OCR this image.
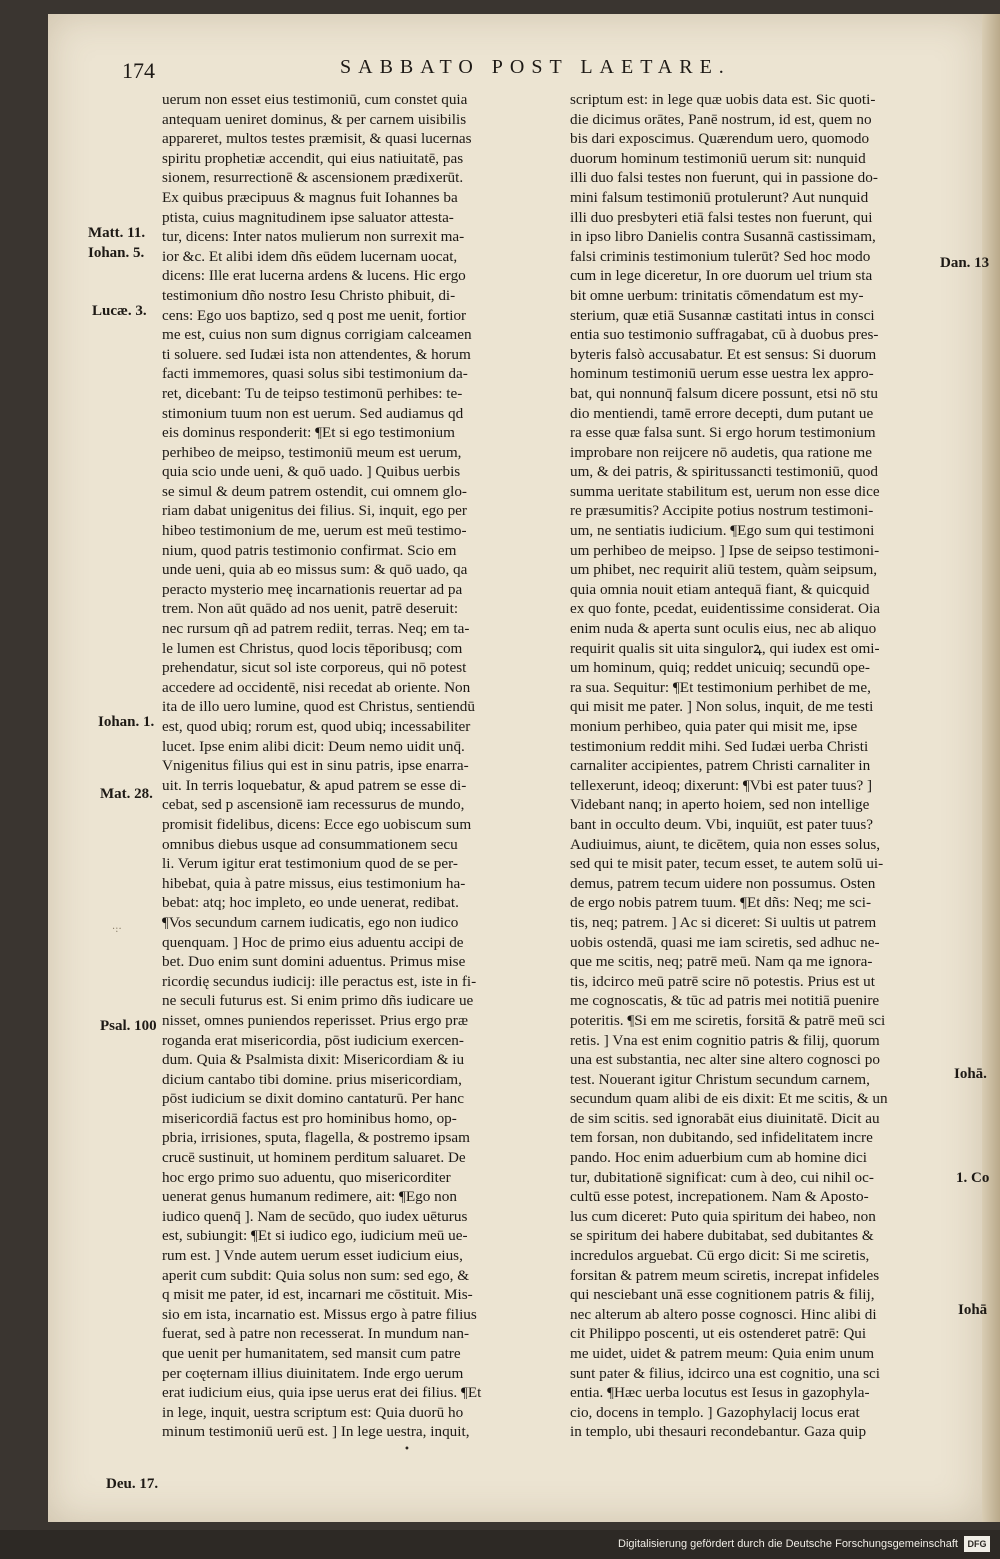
174	SABBATO POST LAETARE.
uerum non esset eius testimoniū, cum constet quia
antequam ueniret dominus, & per carnem uisibilis
appareret, multos testes præmisit, & quasi lucernas
spiritu prophetiæ accendit, qui eius natiuitatē, pas
sionem, resurrectionē & ascensionem prædixerūt.
Ex quibus præcipuus & magnus fuit Iohannes ba
ptista, cuius magnitudinem ipse saluator attesta-
tur, dicens: Inter natos mulierum non surrexit ma-
ior &c. Et alibi idem dñs eūdem lucernam uocat,
dicens: Ille erat lucerna ardens & lucens. Hic ergo
testimonium dño nostro Iesu Christo phibuit, di-
cens: Ego uos baptizo, sed q post me uenit, fortior
me est, cuius non sum dignus corrigiam calceamen
ti soluere. sed Iudæi ista non attendentes, & horum
facti immemores, quasi solus sibi testimonium da-
ret, dicebant: Tu de teipso testimonū perhibes: te-
stimonium tuum non est uerum. Sed audiamus qd
eis dominus responderit: ¶Et si ego testimonium
perhibeo de meipso, testimoniū meum est uerum,
quia scio unde ueni, & quō uado. ] Quibus uerbis
se simul & deum patrem ostendit, cui omnem glo-
riam dabat unigenitus dei filius. Si, inquit, ego per
hibeo testimonium de me, uerum est meū testimo-
nium, quod patris testimonio confirmat. Scio em
unde ueni, quia ab eo missus sum: & quō uado, qa
peracto mysterio meę incarnationis reuertar ad pa
trem. Non aūt quādo ad nos uenit, patrē deseruit:
nec rursum qñ ad patrem rediit, terras. Neq; em ta-
le lumen est Christus, quod locis tēporibusq; com
prehendatur, sicut sol iste corporeus, qui nō potest
accedere ad occidentē, nisi recedat ab oriente. Non
ita de illo uero lumine, quod est Christus, sentiendū
est, quod ubiq; rorum est, quod ubiq; incessabiliter
lucet. Ipse enim alibi dicit: Deum nemo uidit unq̄.
Vnigenitus filius qui est in sinu patris, ipse enarra-
uit. In terris loquebatur, & apud patrem se esse di-
cebat, sed p ascensionē iam recessurus de mundo,
promisit fidelibus, dicens: Ecce ego uobiscum sum
omnibus diebus usque ad consummationem secu
li. Verum igitur erat testimonium quod de se per-
hibebat, quia à patre missus, eius testimonium ha-
bebat: atq; hoc impleto, eo unde uenerat, redibat.
¶Vos secundum carnem iudicatis, ego non iudico
quenquam. ] Hoc de primo eius aduentu accipi de
bet. Duo enim sunt domini aduentus. Primus mise
ricordię secundus iudicij: ille peractus est, iste in fi-
ne seculi futurus est. Si enim primo dñs iudicare ue
nisset, omnes puniendos reperisset. Prius ergo præ
roganda erat misericordia, pōst iudicium exercen-
dum. Quia & Psalmista dixit: Misericordiam & iu
dicium cantabo tibi domine. prius misericordiam,
pōst iudicium se dixit domino cantaturū. Per hanc
misericordiā factus est pro hominibus homo, op-
pbria, irrisiones, sputa, flagella, & postremo ipsam
crucē sustinuit, ut hominem perditum saluaret. De
hoc ergo primo suo aduentu, quo misericorditer
uenerat genus humanum redimere, ait: ¶Ego non
iudico quenq̄ ]. Nam de secūdo, quo iudex uēturus
est, subiungit: ¶Et si iudico ego, iudicium meū ue-
rum est. ] Vnde autem uerum esset iudicium eius,
aperit cum subdit: Quia solus non sum: sed ego, &
q misit me pater, id est, incarnari me cōstituit. Mis-
sio em ista, incarnatio est. Missus ergo à patre filius
fuerat, sed à patre non recesserat. In mundum nan-
que uenit per humanitatem, sed mansit cum patre
per coęternam illius diuinitatem. Inde ergo uerum
erat iudicium eius, quia ipse uerus erat dei filius. ¶Et
in lege, inquit, uestra scriptum est: Quia duorū ho
minum testimoniū uerū est. ] In lege uestra, inquit,
scriptum est: in lege quæ uobis data est. Sic quoti-
die dicimus orātes, Panē nostrum, id est, quem no
bis dari exposcimus. Quærendum uero, quomodo
duorum hominum testimoniū uerum sit: nunquid
illi duo falsi testes non fuerunt, qui in passione do-
mini falsum testimoniū protulerunt? Aut nunquid
illi duo presbyteri etiā falsi testes non fuerunt, qui
in ipso libro Danielis contra Susannā castissimam,
falsi criminis testimonium tulerūt? Sed hoc modo
cum in lege diceretur, In ore duorum uel trium sta
bit omne uerbum: trinitatis cōmendatum est my-
sterium, quæ etiā Susannæ castitati intus in consci
entia suo testimonio suffragabat, cū à duobus pres-
byteris falsò accusabatur. Et est sensus: Si duorum
hominum testimoniū uerum esse uestra lex appro-
bat, qui nonnunq̄ falsum dicere possunt, etsi nō stu
dio mentiendi, tamē errore decepti, dum putant ue
ra esse quæ falsa sunt. Si ergo horum testimonium
improbare non reijcere nō audetis, qua ratione me
um, & dei patris, & spiritussancti testimoniū, quod
summa ueritate stabilitum est, uerum non esse dice
re præsumitis? Accipite potius nostrum testimoni-
um, ne sentiatis iudicium. ¶Ego sum qui testimoni
um perhibeo de meipso. ] Ipse de seipso testimoni-
um phibet, nec requirit aliū testem, quàm seipsum,
quia omnia nouit etiam antequā fiant, & quicquid
ex quo fonte, pcedat, euidentissime considerat. Oia
enim nuda & aperta sunt oculis eius, nec ab aliquo
requirit qualis sit uita singulorꝝ, qui iudex est omi-
um hominum, quiq; reddet unicuiq; secundū ope-
ra sua. Sequitur: ¶Et testimonium perhibet de me,
qui misit me pater. ] Non solus, inquit, de me testi
monium perhibeo, quia pater qui misit me, ipse
testimonium reddit mihi. Sed Iudæi uerba Christi
carnaliter accipientes, patrem Christi carnaliter in
tellexerunt, ideoq; dixerunt: ¶Vbi est pater tuus? ]
Videbant nanq; in aperto hoiem, sed non intellige
bant in occulto deum. Vbi, inquiūt, est pater tuus?
Audiuimus, aiunt, te dicētem, quia non esses solus,
sed qui te misit pater, tecum esset, te autem solū ui-
demus, patrem tecum uidere non possumus. Osten
de ergo nobis patrem tuum. ¶Et dñs: Neq; me sci-
tis, neq; patrem. ] Ac si diceret: Si uultis ut patrem
uobis ostendā, quasi me iam sciretis, sed adhuc ne-
que me scitis, neq; patrē meū. Nam qa me ignora-
tis, idcirco meū patrē scire nō potestis. Prius est ut
me cognoscatis, & tūc ad patris mei notitiā puenire
poteritis. ¶Si em me sciretis, forsitā & patrē meū sci
retis. ] Vna est enim cognitio patris & filij, quorum
una est substantia, nec alter sine altero cognosci po
test. Nouerant igitur Christum secundum carnem,
secundum quam alibi de eis dixit: Et me scitis, & un
de sim scitis. sed ignorabāt eius diuinitatē. Dicit au
tem forsan, non dubitando, sed infidelitatem incre
pando. Hoc enim aduerbium cum ab homine dici
tur, dubitationē significat: cum à deo, cui nihil oc-
cultū esse potest, increpationem. Nam & Aposto-
lus cum diceret: Puto quia spiritum dei habeo, non
se spiritum dei habere dubitabat, sed dubitantes &
incredulos arguebat. Cū ergo dicit: Si me sciretis,
forsitan & patrem meum sciretis, increpat infideles
qui nesciebant unā esse cognitionem patris & filij,
nec alterum ab altero posse cognosci. Hinc alibi di
cit Philippo poscenti, ut eis ostenderet patrē: Qui
me uidet, uidet & patrem meum: Quia enim unum
sunt pater & filius, idcirco una est cognitio, una sci
entia. ¶Hæc uerba locutus est Iesus in gazophyla-
cio, docens in templo. ] Gazophylacij locus erat
in templo, ubi thesauri recondebantur. Gaza quip
Matt. 11.
Iohan. 5.
Lucæ. 3.
Iohan. 1.
Mat. 28.
Psal. 100
Deu. 17.
Dan. 13
Iohā.
1. Co
Iohā
·:·
•
Digitalisierung gefördert durch die Deutsche Forschungsgemeinschaft	DFG
